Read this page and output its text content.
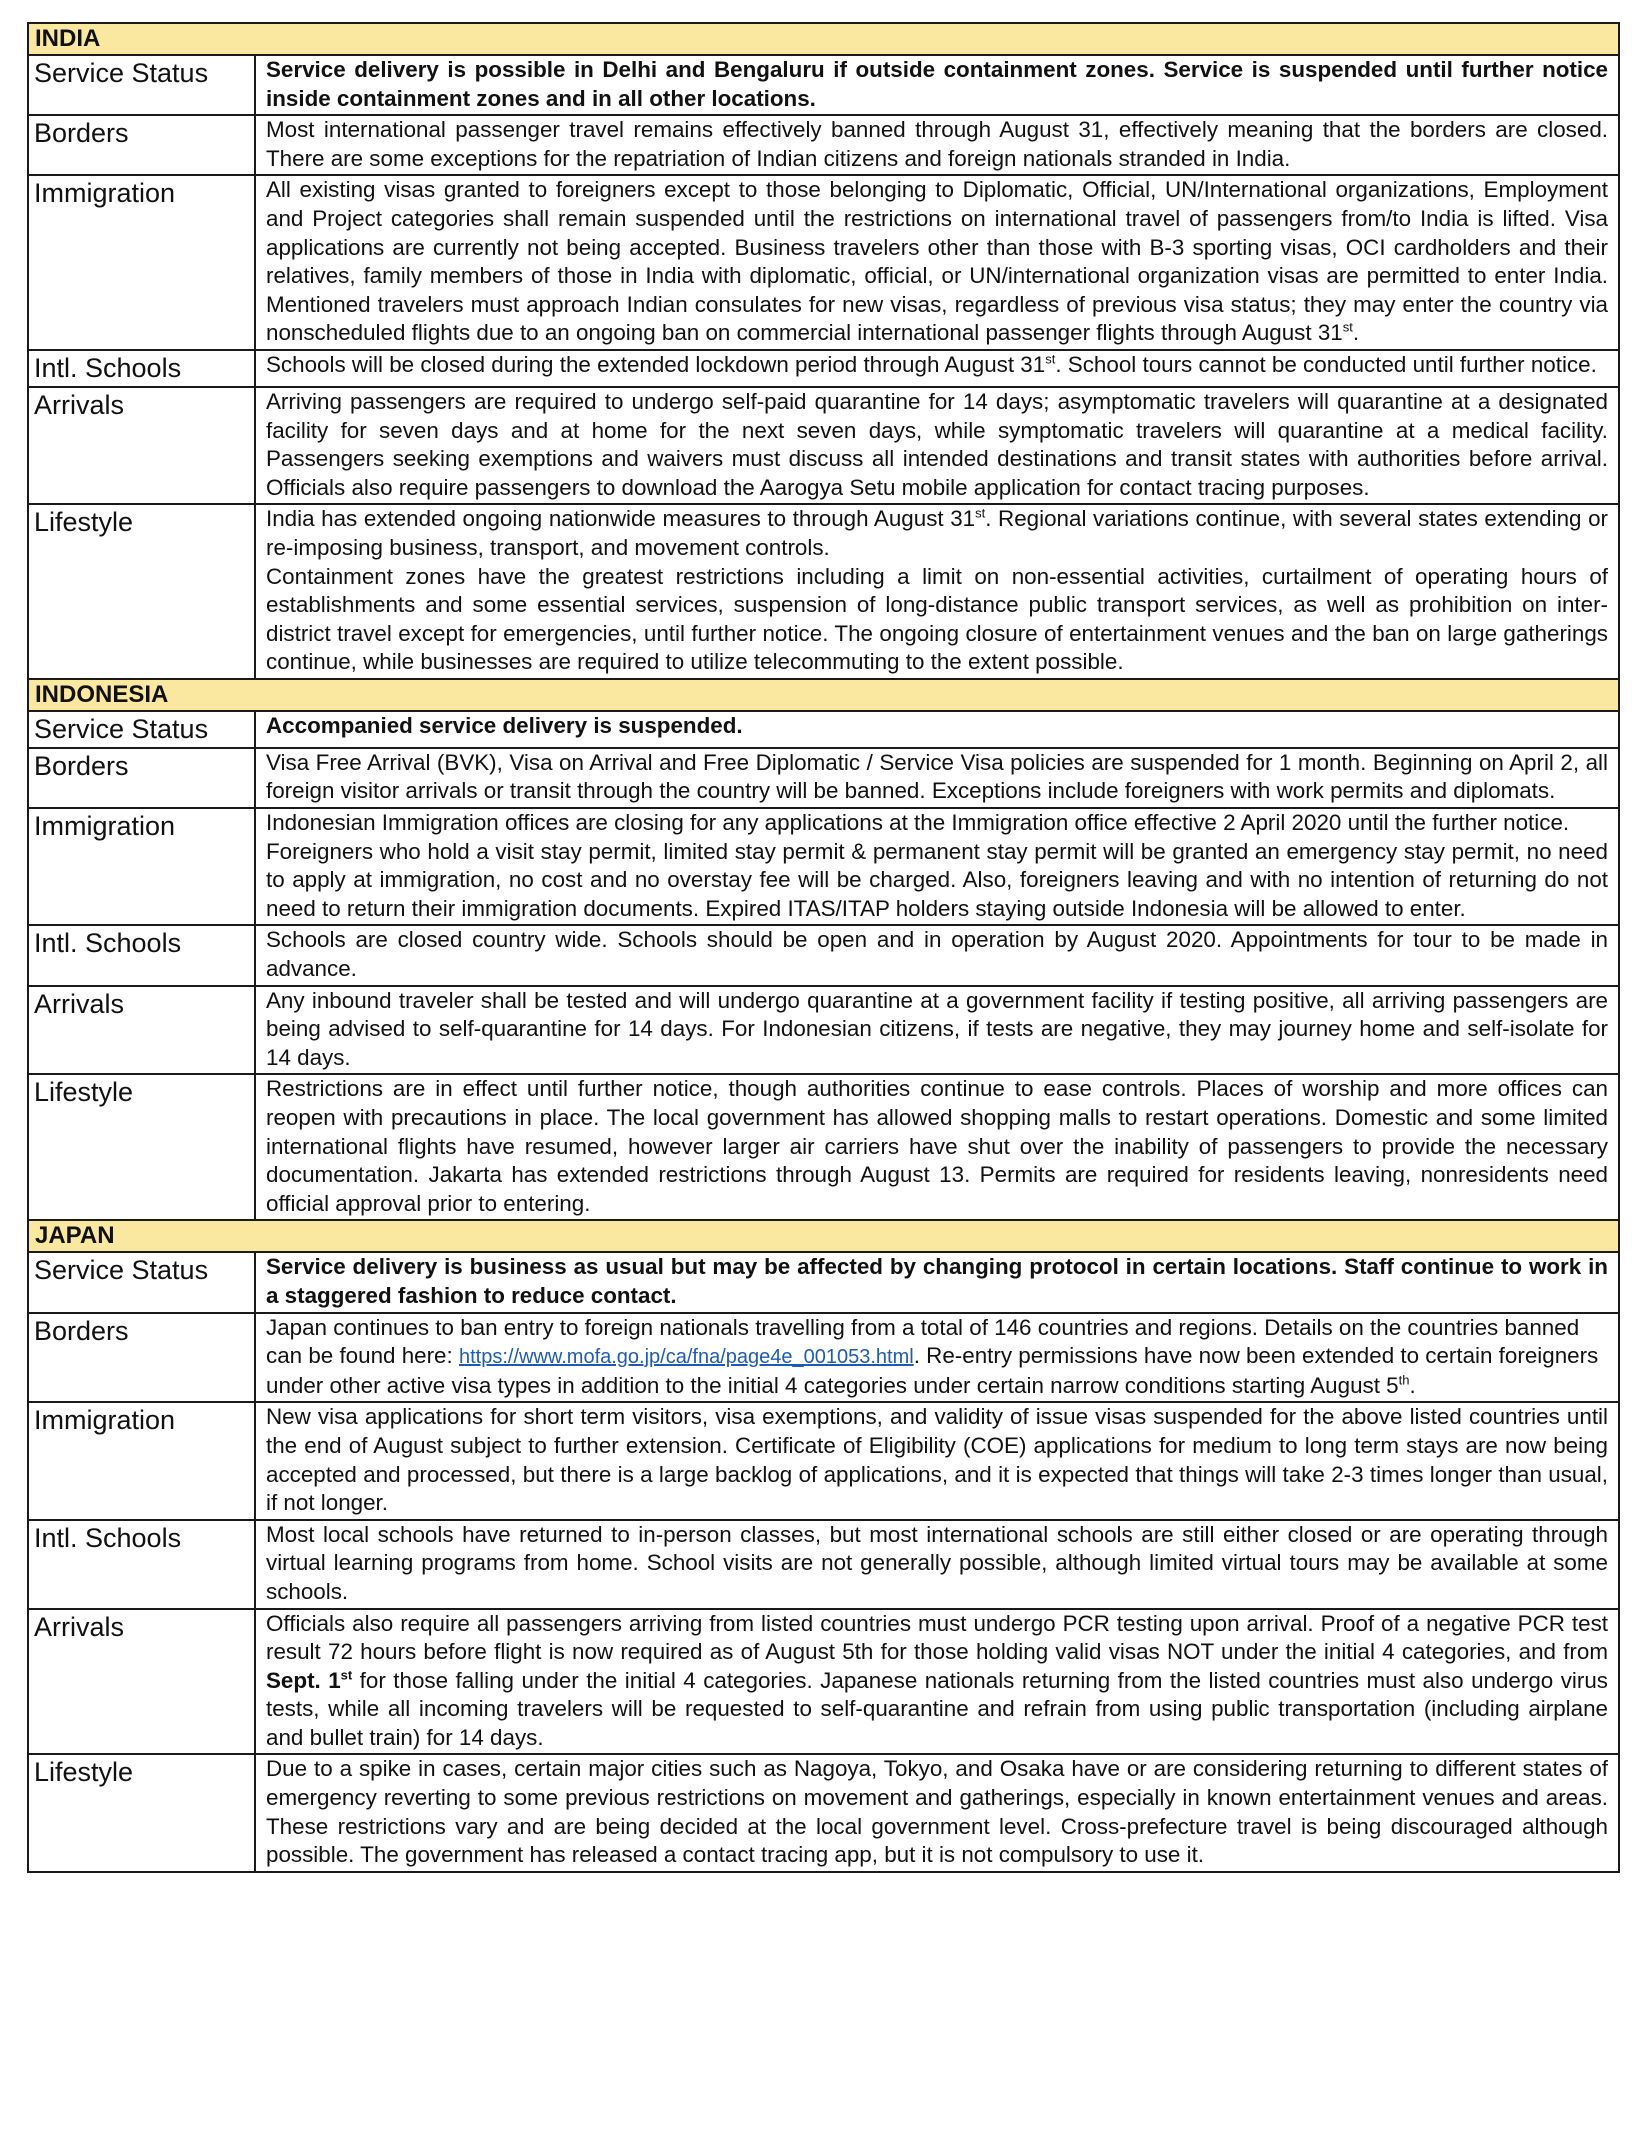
INDIA	
Service Status	Service delivery is possible in Delhi and Bengaluru if outside containment zones. Service is suspended until further notice inside containment zones and in all other locations.
Borders	Most international passenger travel remains effectively banned through August 31, effectively meaning that the borders are closed. There are some exceptions for the repatriation of Indian citizens and foreign nationals stranded in India.
Immigration	All existing visas granted to foreigners except to those belonging to Diplomatic, Official, UN/International organizations, Employment and Project categories shall remain suspended until the restrictions on international travel of passengers from/to India is lifted. Visa applications are currently not being accepted. Business travelers other than those with B-3 sporting visas, OCI cardholders and their relatives, family members of those in India with diplomatic, official, or UN/international organization visas are permitted to enter India. Mentioned travelers must approach Indian consulates for new visas, regardless of previous visa status; they may enter the country via nonscheduled flights due to an ongoing ban on commercial international passenger flights through August 31st.
Intl. Schools	Schools will be closed during the extended lockdown period through August 31st. School tours cannot be conducted until further notice.
Arrivals	Arriving passengers are required to undergo self-paid quarantine for 14 days; asymptomatic travelers will quarantine at a designated facility for seven days and at home for the next seven days, while symptomatic travelers will quarantine at a medical facility. Passengers seeking exemptions and waivers must discuss all intended destinations and transit states with authorities before arrival. Officials also require passengers to download the Aarogya Setu mobile application for contact tracing purposes.
Lifestyle	India has extended ongoing nationwide measures to through August 31st. Regional variations continue, with several states extending or re-imposing business, transport, and movement controls.
Containment zones have the greatest restrictions including a limit on non-essential activities, curtailment of operating hours of establishments and some essential services, suspension of long-distance public transport services, as well as prohibition on inter-district travel except for emergencies, until further notice. The ongoing closure of entertainment venues and the ban on large gatherings continue, while businesses are required to utilize telecommuting to the extent possible.

INDONESIA	
Service Status	Accompanied service delivery is suspended.
Borders	Visa Free Arrival (BVK), Visa on Arrival and Free Diplomatic / Service Visa policies are suspended for 1 month. Beginning on April 2, all foreign visitor arrivals or transit through the country will be banned. Exceptions include foreigners with work permits and diplomats.
Immigration	Indonesian Immigration offices are closing for any applications at the Immigration office effective 2 April 2020 until the further notice.
Foreigners who hold a visit stay permit, limited stay permit & permanent stay permit will be granted an emergency stay permit, no need to apply at immigration, no cost and no overstay fee will be charged. Also, foreigners leaving and with no intention of returning do not need to return their immigration documents. Expired ITAS/ITAP holders staying outside Indonesia will be allowed to enter.

Intl. Schools	Schools are closed country wide. Schools should be open and in operation by August 2020. Appointments for tour to be made in advance.
Arrivals	Any inbound traveler shall be tested and will undergo quarantine at a government facility if testing positive, all arriving passengers are being advised to self-quarantine for 14 days. For Indonesian citizens, if tests are negative, they may journey home and self-isolate for 14 days.
Lifestyle	Restrictions are in effect until further notice, though authorities continue to ease controls. Places of worship and more offices can reopen with precautions in place. The local government has allowed shopping malls to restart operations. Domestic and some limited international flights have resumed, however larger air carriers have shut over the inability of passengers to provide the necessary documentation. Jakarta has extended restrictions through August 13. Permits are required for residents leaving, nonresidents need official approval prior to entering.
JAPAN	
Service Status	Service delivery is business as usual but may be affected by changing protocol in certain locations. Staff continue to work in a staggered fashion to reduce contact.
Borders	Japan continues to ban entry to foreign nationals travelling from a total of 146 countries and regions. Details on the countries banned can be found here: https://www.mofa.go.jp/ca/fna/page4e_001053.html. Re-entry permissions have now been extended to certain foreigners under other active visa types in addition to the initial 4 categories under certain narrow conditions starting August 5th.
Immigration	New visa applications for short term visitors, visa exemptions, and validity of issue visas suspended for the above listed countries until the end of August subject to further extension. Certificate of Eligibility (COE) applications for medium to long term stays are now being accepted and processed, but there is a large backlog of applications, and it is expected that things will take 2-3 times longer than usual, if not longer.
Intl. Schools	Most local schools have returned to in-person classes, but most international schools are still either closed or are operating through virtual learning programs from home. School visits are not generally possible, although limited virtual tours may be available at some schools.
Arrivals	Officials also require all passengers arriving from listed countries must undergo PCR testing upon arrival. Proof of a negative PCR test result 72 hours before flight is now required as of August 5th for those holding valid visas NOT under the initial 4 categories, and from Sept. 1st for those falling under the initial 4 categories. Japanese nationals returning from the listed countries must also undergo virus tests, while all incoming travelers will be requested to self-quarantine and refrain from using public transportation (including airplane and bullet train) for 14 days.
Lifestyle	Due to a spike in cases, certain major cities such as Nagoya, Tokyo, and Osaka have or are considering returning to different states of emergency reverting to some previous restrictions on movement and gatherings, especially in known entertainment venues and areas. These restrictions vary and are being decided at the local government level. Cross-prefecture travel is being discouraged although possible. The government has released a contact tracing app, but it is not compulsory to use it.
